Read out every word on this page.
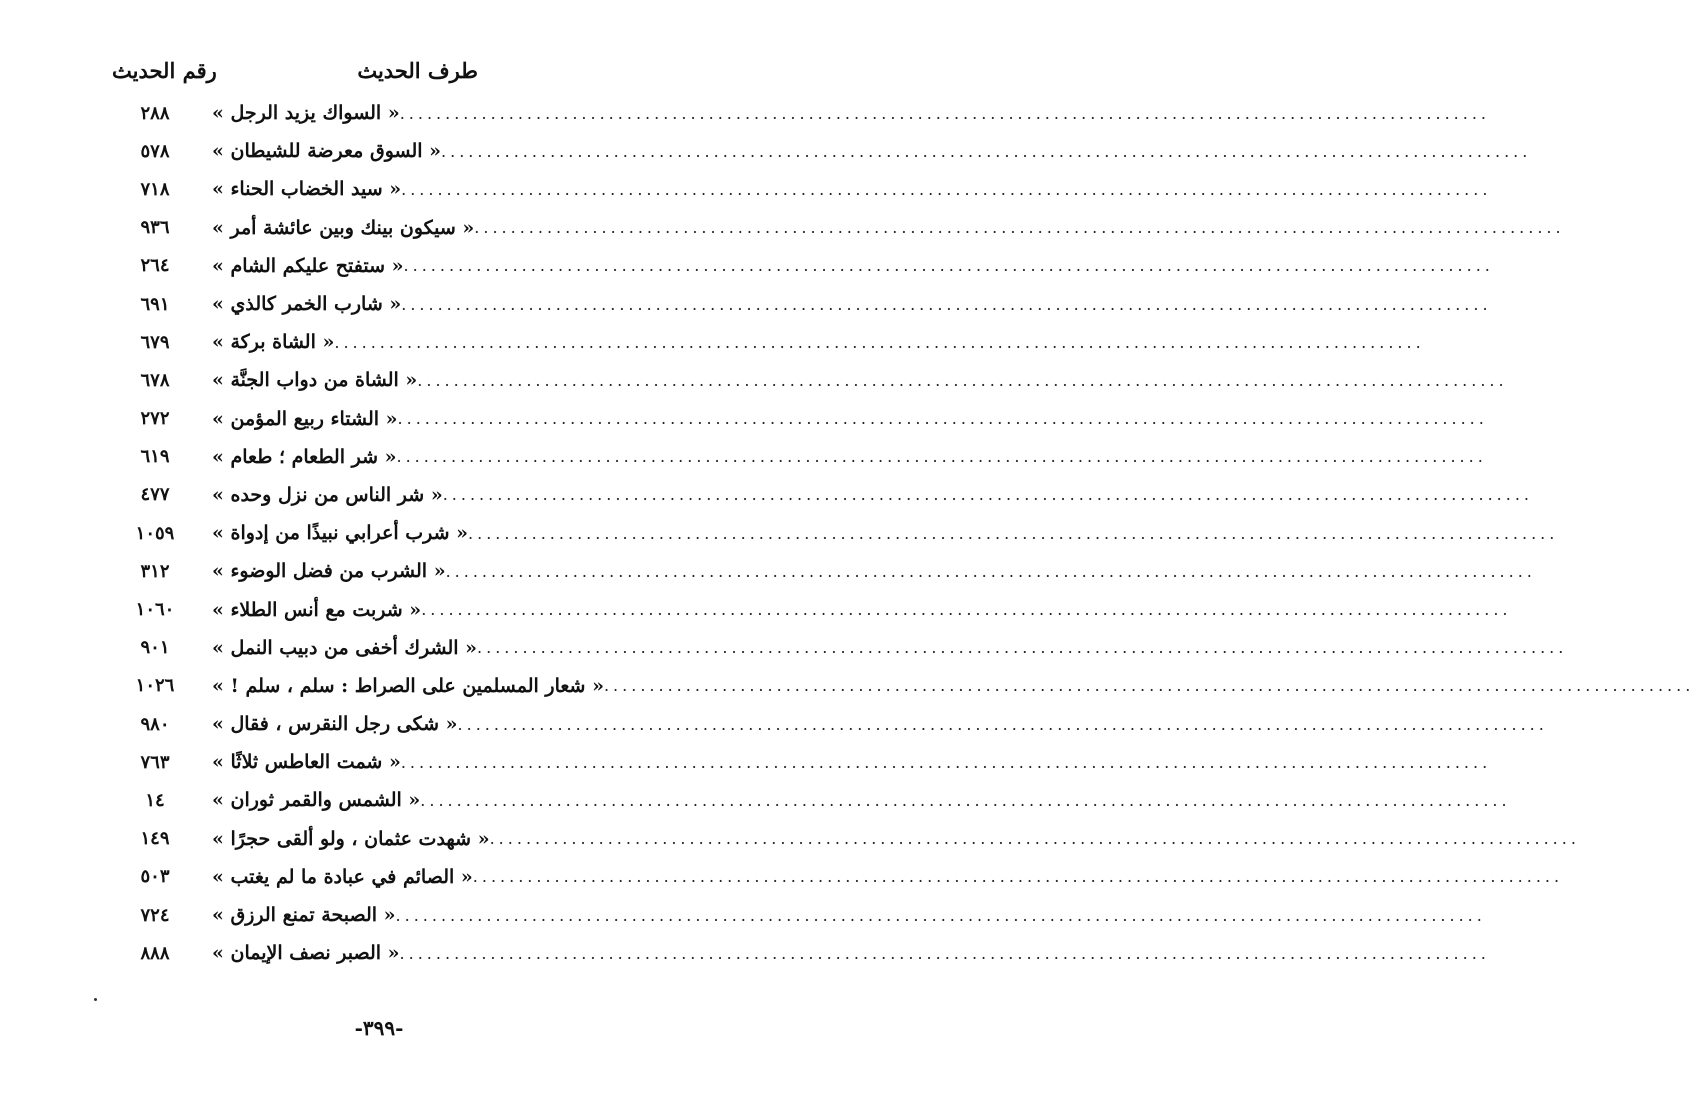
طرف الحديث
رقم الحديث
« السواك يزيد الرجل » ........................................................................................................................
٢٨٨
« السوق معرضة للشيطان » ........................................................................................................................
٥٧٨
« سيد الخضاب الحناء » ........................................................................................................................
٧١٨
« سيكون بينك وبين عائشة أمر » ........................................................................................................................
٩٣٦
« ستفتح عليكم الشام » ........................................................................................................................
٢٦٤
« شارب الخمر كالذي » ........................................................................................................................
٦٩١
« الشاة بركة » ........................................................................................................................
٦٧٩
« الشاة من دواب الجنَّة » ........................................................................................................................
٦٧٨
« الشتاء ربيع المؤمن » ........................................................................................................................
٢٧٢
« شر الطعام ؛ طعام » ........................................................................................................................
٦١٩
« شر الناس من نزل وحده » ........................................................................................................................
٤٧٧
« شرب أعرابي نبيذًا من إدواة » ........................................................................................................................
١٠٥٩
« الشرب من فضل الوضوء » ........................................................................................................................
٣١٢
« شربت مع أنس الطلاء » ........................................................................................................................
١٠٦٠
« الشرك أخفى من دبيب النمل » ........................................................................................................................
٩٠١
« شعار المسلمين على الصراط : سلم ، سلم ! » ........................................................................................................................
١٠٢٦
« شكى رجل النقرس ، فقال » ........................................................................................................................
٩٨٠
« شمت العاطس ثلاثًا » ........................................................................................................................
٧٦٣
« الشمس والقمر ثوران » ........................................................................................................................
١٤
« شهدت عثمان ، ولو ألقى حجرًا » ........................................................................................................................
١٤٩
« الصائم في عبادة ما لم يغتب » ........................................................................................................................
٥٠٣
« الصبحة تمنع الرزق » ........................................................................................................................
٧٢٤
« الصبر نصف الإيمان » ........................................................................................................................
٨٨٨
-٣٩٩-
